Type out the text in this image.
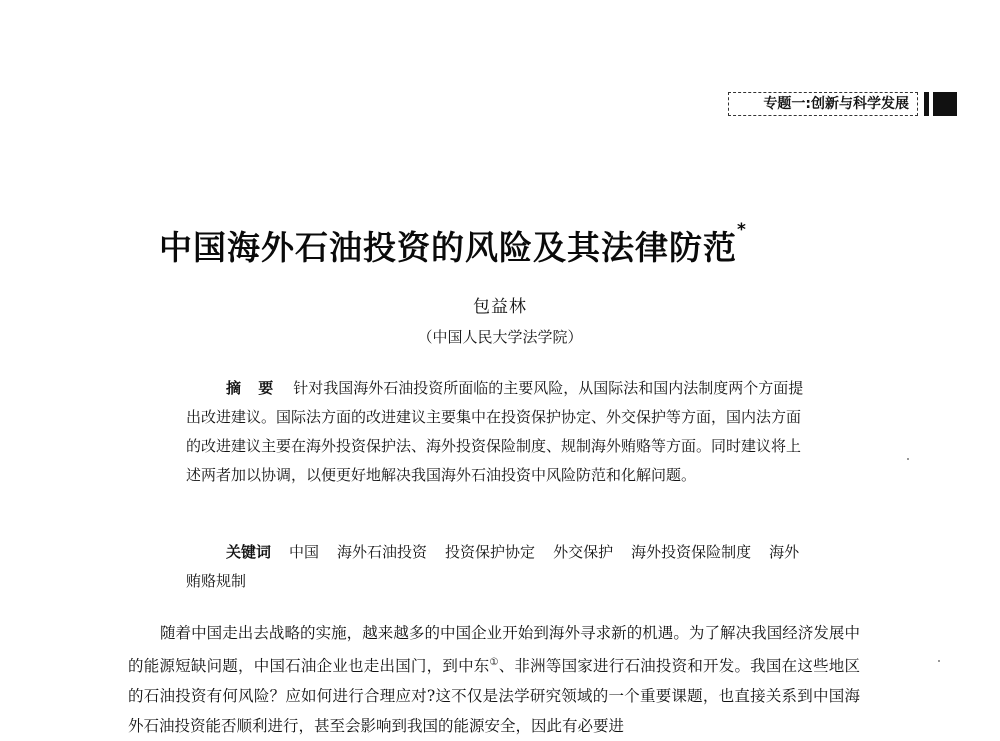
专题一:创新与科学发展
中国海外石油投资的风险及其法律防范*
包益林
（中国人民大学法学院）
摘 要 针对我国海外石油投资所面临的主要风险，从国际法和国内法制度两个方面提出改进建议。国际法方面的改进建议主要集中在投资保护协定、外交保护等方面，国内法方面的改进建议主要在海外投资保护法、海外投资保险制度、规制海外贿赂等方面。同时建议将上述两者加以协调，以便更好地解决我国海外石油投资中风险防范和化解问题。
关键词 中国 海外石油投资 投资保护协定 外交保护 海外投资保险制度 海外贿赂规制
随着中国走出去战略的实施，越来越多的中国企业开始到海外寻求新的机遇。为了解决我国经济发展中的能源短缺问题，中国石油企业也走出国门，到中东①、非洲等国家进行石油投资和开发。我国在这些地区的石油投资有何风险？应如何进行合理应对?这不仅是法学研究领域的一个重要课题，也直接关系到中国海外石油投资能否顺利进行，甚至会影响到我国的能源安全，因此有必要进
